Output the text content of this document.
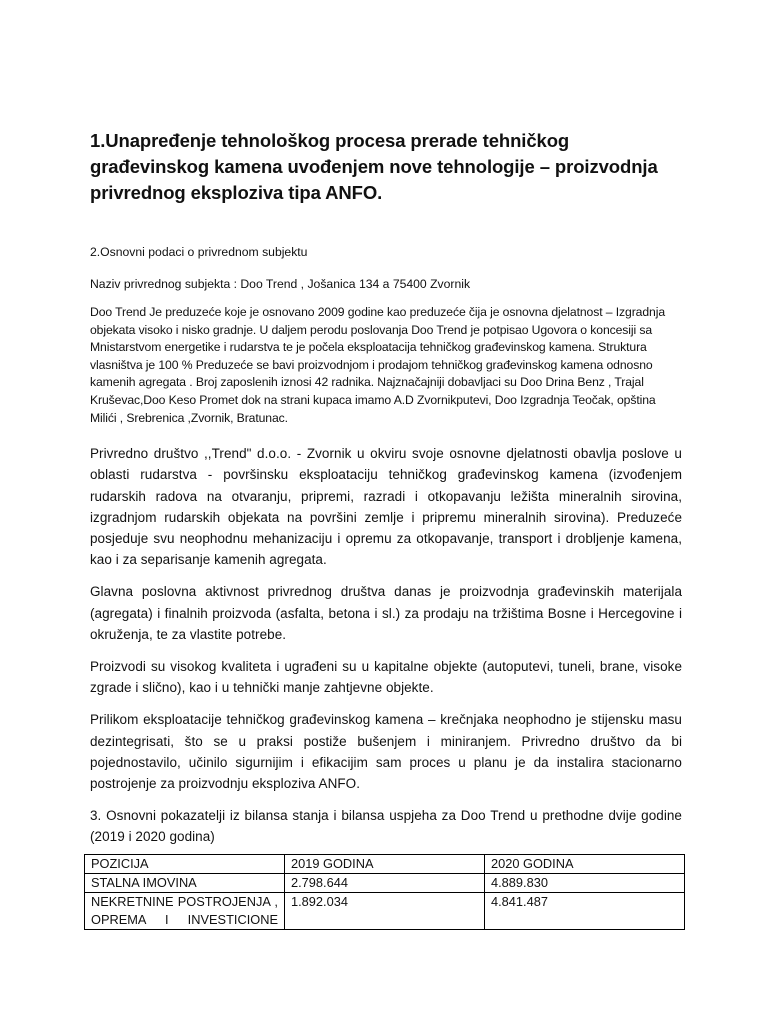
1.Unapređenje tehnološkog procesa prerade tehničkog građevinskog kamena uvođenjem nove tehnologije – proizvodnja privrednog eksploziva tipa ANFO.
2.Osnovni podaci o privrednom subjektu
Naziv privrednog subjekta : Doo Trend , Jošanica 134 a 75400 Zvornik

Doo Trend Je preduzeće koje je osnovano 2009 godine kao preduzeće čija je osnovna djelatnost – Izgradnja objekata visoko i nisko gradnje. U daljem perodu poslovanja Doo Trend je potpisao Ugovora o koncesiji sa Mnistarstvom energetike i rudarstva te je počela eksploatacija tehničkog građevinskog kamena. Struktura vlasništva je 100 % Preduzeće se bavi proizvodnjom i prodajom tehničkog građevinskog kamena odnosno kamenih agregata . Broj zaposlenih iznosi 42 radnika. Najznačajniji dobavljaci su Doo Drina Benz , Trajal Kruševac,Doo Keso Promet dok na strani kupaca imamo A.D Zvornikputevi, Doo Izgradnja Teočak, opština Milići , Srebrenica ,Zvornik, Bratunac.

Privredno društvo ,,Trend" d.o.o. - Zvornik u okviru svoje osnovne djelatnosti obavlja poslove u oblasti rudarstva - površinsku eksploataciju tehničkog građevinskog kamena (izvođenjem rudarskih radova na otvaranju, pripremi, razradi i otkopavanju ležišta mineralnih sirovina, izgradnjom rudarskih objekata na površini zemlje i pripremu mineralnih sirovina). Preduzeće posjeduje svu neophodnu mehanizaciju i opremu za otkopavanje, transport i drobljenje kamena, kao i za separisanje kamenih agregata.

Glavna poslovna aktivnost privrednog društva danas je proizvodnja građevinskih materijala (agregata) i finalnih proizvoda (asfalta, betona i sl.) za prodaju na tržištima Bosne i Hercegovine i okruženja, te za vlastite potrebe.

Proizvodi su visokog kvaliteta i ugrađeni su u kapitalne objekte (autoputevi, tuneli, brane, visoke zgrade i slično), kao i u tehnički manje zahtjevne objekte.

Prilikom eksploatacije tehničkog građevinskog kamena – krečnjaka neophodno je stijensku masu dezintegrisati, što se u praksi postiže bušenjem i miniranjem. Privredno društvo da bi pojednostavilo, učinilo sigurnijim i efikacijim sam proces u planu je da instalira stacionarno postrojenje za proizvodnju eksploziva ANFO.

3. Osnovni pokazatelji iz bilansa stanja i bilansa uspjeha za Doo Trend u prethodne dvije godine (2019 i 2020 godina)

POZICIJA	2019 GODINA	2020 GODINA
STALNA IMOVINA	2.798.644	4.889.830

NEKRETNINE POSTROJENJA ,
OPREMA I INVESTICIONE	1.892.034	4.841.487
